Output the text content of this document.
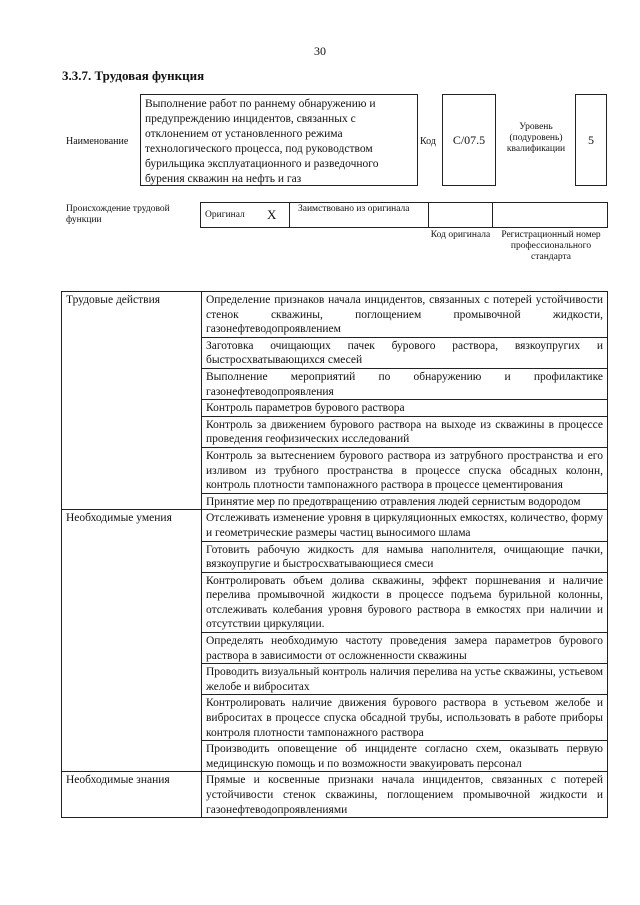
30
3.3.7. Трудовая функция
Наименование
Выполнение работ по раннему обнаружению и предупреждению инцидентов, связанных с отклонением от установленного режима технологического процесса, под руководством бурильщика эксплуатационного и разведочного бурения скважин на нефть и газ
Код C/07.5
Уровень (подуровень) квалификации
5
Происхождение трудовой функции	Оригинал X Заимствовано из оригинала
Код оригинала	Регистрационный номер профессионального стандарта
Трудовые действия	Определение признаков начала инцидентов, связанных с потерей устойчивости стенок скважины, поглощением промывочной жидкости, газонефтеводопроявлением
	Заготовка очищающих пачек бурового раствора, вязкоупругих и быстросхватывающихся смесей
	Выполнение мероприятий по обнаружению и профилактике газонефтеводопроявления
	Контроль параметров бурового раствора
	Контроль за движением бурового раствора на выходе из скважины в процессе проведения геофизических исследований
	Контроль за вытеснением бурового раствора из затрубного пространства и его изливом из трубного пространства в процессе спуска обсадных колонн, контроль плотности тампонажного раствора в процессе цементирования
	Принятие мер по предотвращению отравления людей сернистым водородом
Необходимые умения	Отслеживать изменение уровня в циркуляционных емкостях, количество, форму и геометрические размеры частиц выносимого шлама
	Готовить рабочую жидкость для намыва наполнителя, очищающие пачки, вязкоупругие и быстросхватывающиеся смеси
	Контролировать объем долива скважины, эффект поршневания и наличие перелива промывочной жидкости в процессе подъема бурильной колонны, отслеживать колебания уровня бурового раствора в емкостях при наличии и отсутствии циркуляции.
	Определять необходимую частоту проведения замера параметров бурового раствора в зависимости от осложненности скважины
	Проводить визуальный контроль наличия перелива на устье скважины, устьевом желобе и виброситах
	Контролировать наличие движения бурового раствора в устьевом желобе и виброситах в процессе спуска обсадной трубы, использовать в работе приборы контроля плотности тампонажного раствора
	Производить оповещение об инциденте согласно схем, оказывать первую медицинскую помощь и по возможности эвакуировать персонал
Необходимые знания	Прямые и косвенные признаки начала инцидентов, связанных с потерей устойчивости стенок скважины, поглощением промывочной жидкости и газонефтеводопроявлениями
